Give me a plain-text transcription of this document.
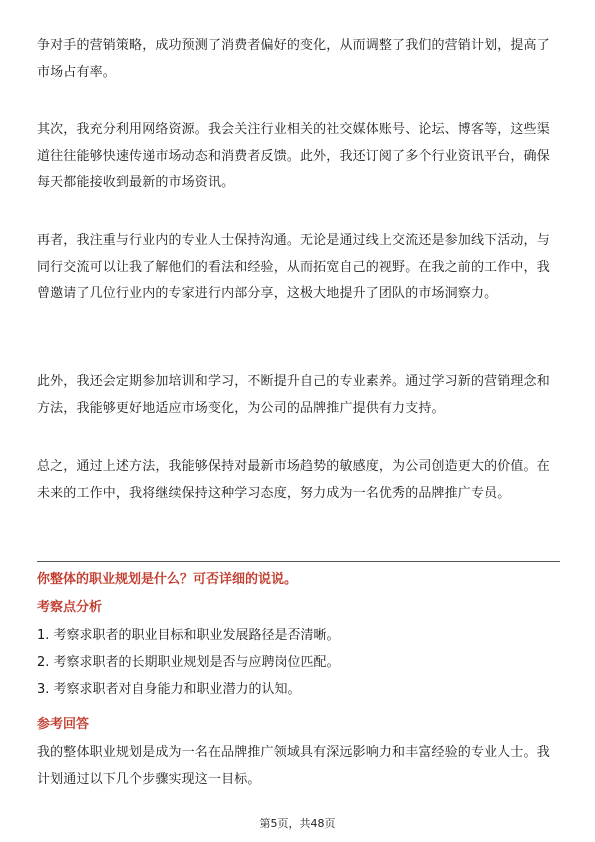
争对手的营销策略，成功预测了消费者偏好的变化，从而调整了我们的营销计划，提高了市场占有率。

其次，我充分利用网络资源。我会关注行业相关的社交媒体账号、论坛、博客等，这些渠道往往能够快速传递市场动态和消费者反馈。此外，我还订阅了多个行业资讯平台，确保每天都能接收到最新的市场资讯。

再者，我注重与行业内的专业人士保持沟通。无论是通过线上交流还是参加线下活动，与同行交流可以让我了解他们的看法和经验，从而拓宽自己的视野。在我之前的工作中，我曾邀请了几位行业内的专家进行内部分享，这极大地提升了团队的市场洞察力。

此外，我还会定期参加培训和学习，不断提升自己的专业素养。通过学习新的营销理念和方法，我能够更好地适应市场变化，为公司的品牌推广提供有力支持。

总之，通过上述方法，我能够保持对最新市场趋势的敏感度，为公司创造更大的价值。在未来的工作中，我将继续保持这种学习态度，努力成为一名优秀的品牌推广专员。

你整体的职业规划是什么？可否详细的说说。

考察点分析

1. 考察求职者的职业目标和职业发展路径是否清晰。
2. 考察求职者的长期职业规划是否与应聘岗位匹配。
3. 考察求职者对自身能力和职业潜力的认知。

参考回答

我的整体职业规划是成为一名在品牌推广领域具有深远影响力和丰富经验的专业人士。我计划通过以下几个步骤实现这一目标。

第5页，共48页
